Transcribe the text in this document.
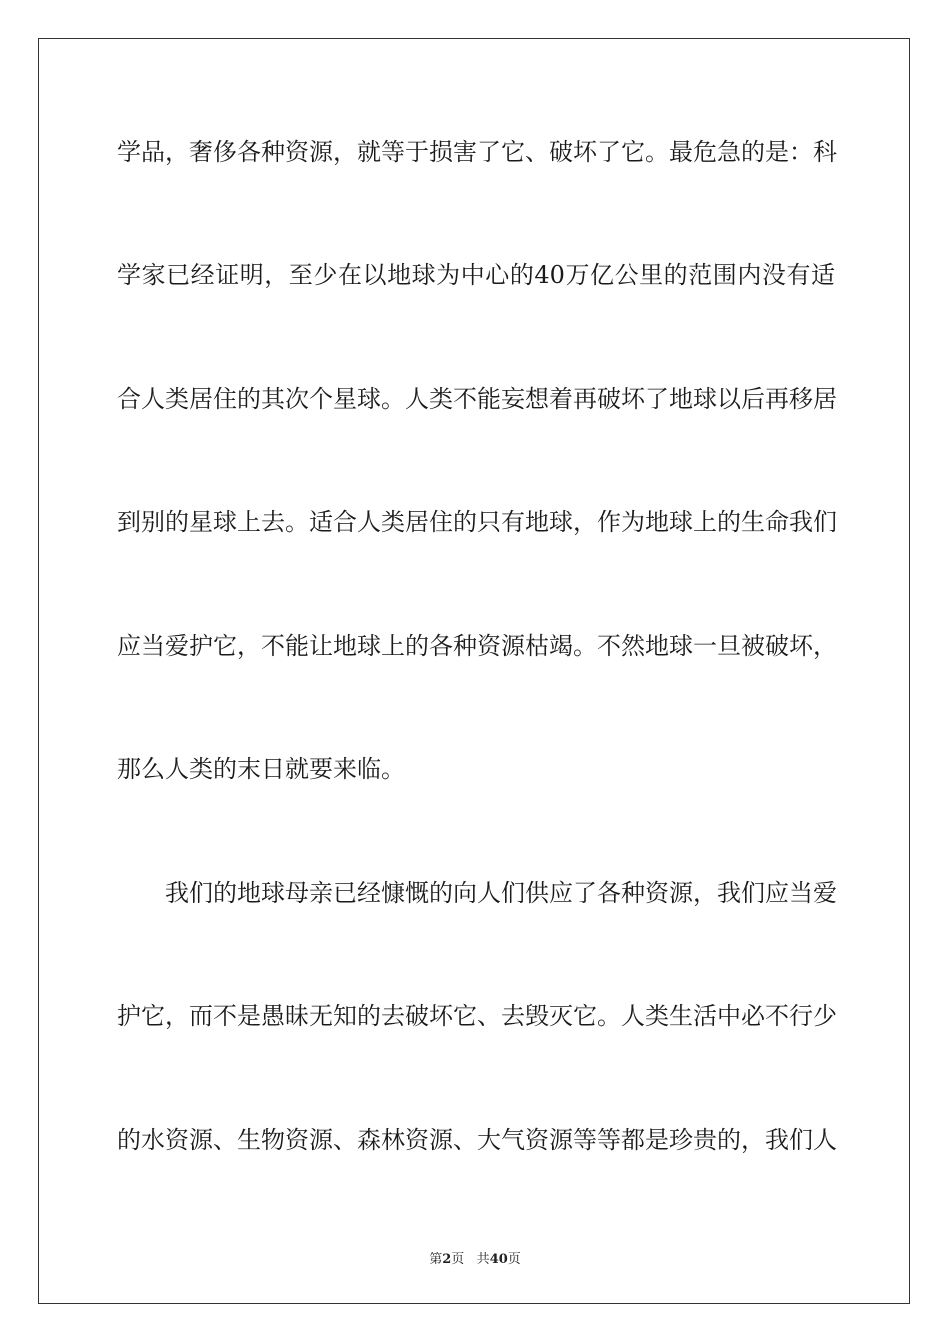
学品，奢侈各种资源，就等于损害了它、破坏了它。最危急的是：科
学家已经证明，至少在以地球为中心的40万亿公里的范围内没有适
合人类居住的其次个星球。人类不能妄想着再破坏了地球以后再移居
到别的星球上去。适合人类居住的只有地球，作为地球上的生命我们
应当爱护它，不能让地球上的各种资源枯竭。不然地球一旦被破坏，
那么人类的末日就要来临。
我们的地球母亲已经慷慨的向人们供应了各种资源，我们应当爱
护它，而不是愚昧无知的去破坏它、去毁灭它。人类生活中必不行少
的水资源、生物资源、森林资源、大气资源等等都是珍贵的，我们人
第2页 共40页
